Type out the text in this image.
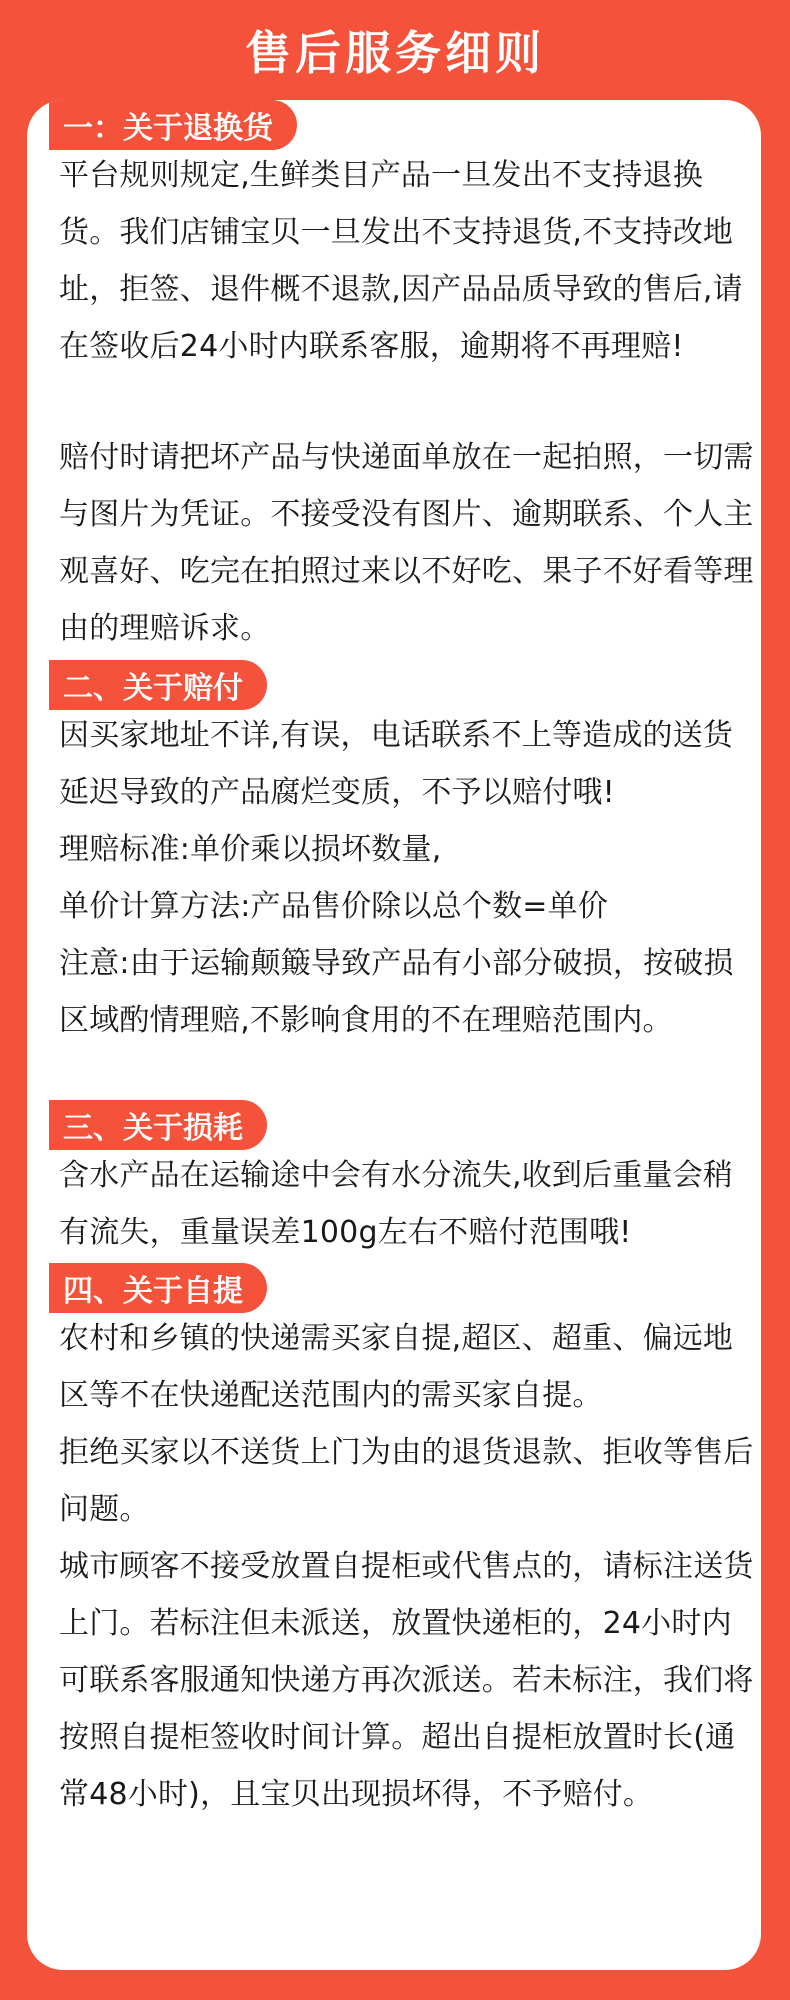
售后服务细则
一：关于退换货

平台规则规定,生鲜类目产品一旦发出不支持退换货。我们店铺宝贝一旦发出不支持退货,不支持改地址，拒签、退件概不退款,因产品品质导致的售后,请在签收后24小时内联系客服，逾期将不再理赔!

赔付时请把坏产品与快递面单放在一起拍照，一切需与图片为凭证。不接受没有图片、逾期联系、个人主观喜好、吃完在拍照过来以不好吃、果子不好看等理由的理赔诉求。

二、关于赔付

因买家地址不详,有误，电话联系不上等造成的送货延迟导致的产品腐烂变质，不予以赔付哦!

理赔标准:单价乘以损坏数量,

单价计算方法:产品售价除以总个数=单价

注意:由于运输颠簸导致产品有小部分破损，按破损区域酌情理赔,不影响食用的不在理赔范围内。

三、关于损耗

含水产品在运输途中会有水分流失,收到后重量会稍有流失，重量误差100g左右不赔付范围哦!

四、关于自提

农村和乡镇的快递需买家自提,超区、超重、偏远地区等不在快递配送范围内的需买家自提。

拒绝买家以不送货上门为由的退货退款、拒收等售后问题。

城市顾客不接受放置自提柜或代售点的，请标注送货上门。若标注但未派送，放置快递柜的，24小时内可联系客服通知快递方再次派送。若未标注，我们将按照自提柜签收时间计算。超出自提柜放置时长(通常48小时)，且宝贝出现损坏得，不予赔付。
